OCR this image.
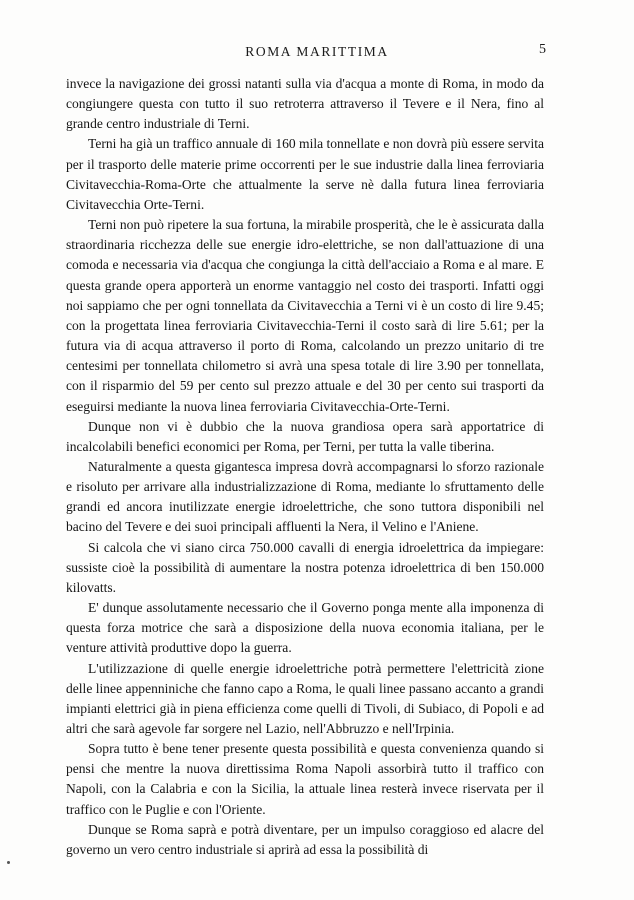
ROMA MARITTIMA	5

invece la navigazione dei grossi natanti sulla via d'acqua a monte di Roma, in modo da congiungere questa con tutto il suo retroterra attraverso il Tevere e il Nera, fino al grande centro industriale di Terni.

Terni ha già un traffico annuale di 160 mila tonnellate e non dovrà più essere servita per il trasporto delle materie prime occorrenti per le sue industrie dalla linea ferroviaria Civitavecchia-Roma-Orte che attualmente la serve nè dalla futura linea ferroviaria Civitavecchia Orte-Terni.

Terni non può ripetere la sua fortuna, la mirabile prosperità, che le è assicurata dalla straordinaria ricchezza delle sue energie idro-elettriche, se non dall'attuazione di una comoda e necessaria via d'acqua che congiunga la città dell'acciaio a Roma e al mare. E questa grande opera apporterà un enorme vantaggio nel costo dei trasporti. Infatti oggi noi sappiamo che per ogni tonnellata da Civitavecchia a Terni vi è un costo di lire 9.45; con la progettata linea ferroviaria Civitavecchia-Terni il costo sarà di lire 5.61; per la futura via di acqua attraverso il porto di Roma, calcolando un prezzo unitario di tre centesimi per tonnellata chilometro si avrà una spesa totale di lire 3.90 per tonnellata, con il risparmio del 59 per cento sul prezzo attuale e del 30 per cento sui trasporti da eseguirsi mediante la nuova linea ferroviaria Civitavecchia-Orte-Terni.

Dunque non vi è dubbio che la nuova grandiosa opera sarà apportatrice di incalcolabili benefici economici per Roma, per Terni, per tutta la valle tiberina.

Naturalmente a questa gigantesca impresa dovrà accompagnarsi lo sforzo razionale e risoluto per arrivare alla industrializzazione di Roma, mediante lo sfruttamento delle grandi ed ancora inutilizzate energie idroelettriche, che sono tuttora disponibili nel bacino del Tevere e dei suoi principali affluenti la Nera, il Velino e l'Aniene.

Si calcola che vi siano circa 750.000 cavalli di energia idroelettrica da impiegare: sussiste cioè la possibilità di aumentare la nostra potenza idroelettrica di ben 150.000 kilovatts.

E' dunque assolutamente necessario che il Governo ponga mente alla imponenza di questa forza motrice che sarà a disposizione della nuova economia italiana, per le venture attività produttive dopo la guerra.

L'utilizzazione di quelle energie idroelettriche potrà permettere l'elettricità zione delle linee appenniniche che fanno capo a Roma, le quali linee passano accanto a grandi impianti elettrici già in piena efficienza come quelli di Tivoli, di Subiaco, di Popoli e ad altri che sarà agevole far sorgere nel Lazio, nell'Abbruzzo e nell'Irpinia.

Sopra tutto è bene tener presente questa possibilità e questa convenienza quando si pensi che mentre la nuova direttissima Roma Napoli assorbirà tutto il traffico con Napoli, con la Calabria e con la Sicilia, la attuale linea resterà invece riservata per il traffico con le Puglie e con l'Oriente.

Dunque se Roma saprà e potrà diventare, per un impulso coraggioso ed alacre del governo un vero centro industriale si aprirà ad essa la possibilità di
